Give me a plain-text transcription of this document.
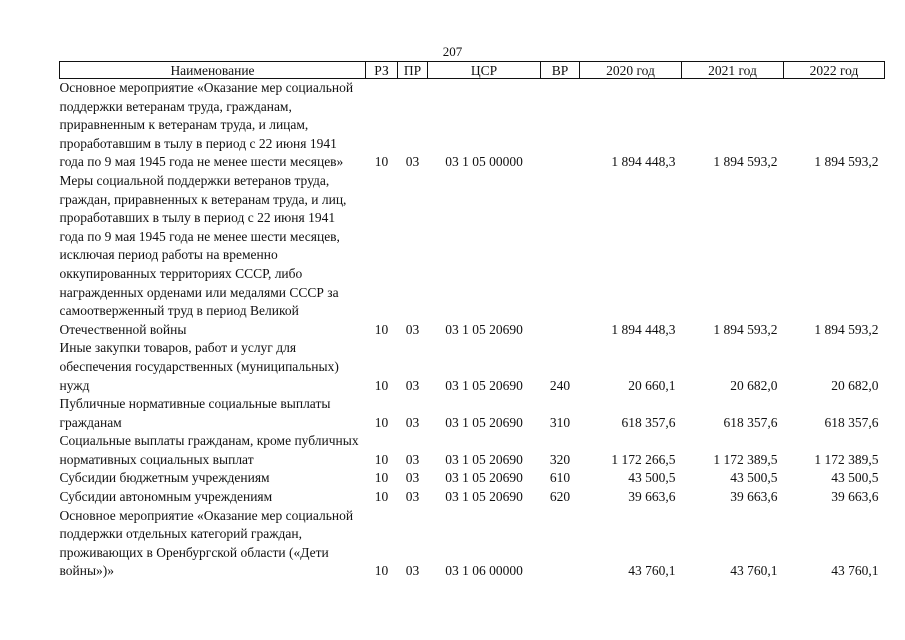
207
Наименование	РЗ	ПР	ЦСР	ВР	2020 год	2021 год	2022 год
Основное мероприятие «Оказание мер социальной поддержки ветеранам труда, гражданам, приравненным к ветеранам труда, и лицам, проработавшим в тылу в период с 22 июня 1941 года по 9 мая 1945 года не менее шести месяцев»	10	03	03 1 05 00000		1 894 448,3	1 894 593,2	1 894 593,2
Меры социальной поддержки ветеранов труда, граждан, приравненных к ветеранам труда, и лиц, проработавших в тылу в период с 22 июня 1941 года по 9 мая 1945 года не менее шести месяцев, исключая период работы на временно оккупированных территориях СССР, либо награжденных орденами или медалями СССР за самоотверженный труд в период Великой Отечественной войны	10	03	03 1 05 20690		1 894 448,3	1 894 593,2	1 894 593,2
Иные закупки товаров, работ и услуг для обеспечения государственных (муниципальных) нужд	10	03	03 1 05 20690	240	20 660,1	20 682,0	20 682,0
Публичные нормативные социальные выплаты гражданам	10	03	03 1 05 20690	310	618 357,6	618 357,6	618 357,6
Социальные выплаты гражданам, кроме публичных нормативных социальных выплат	10	03	03 1 05 20690	320	1 172 266,5	1 172 389,5	1 172 389,5
Субсидии бюджетным учреждениям	10	03	03 1 05 20690	610	43 500,5	43 500,5	43 500,5
Субсидии автономным учреждениям	10	03	03 1 05 20690	620	39 663,6	39 663,6	39 663,6
Основное мероприятие «Оказание мер социальной поддержки отдельных категорий граждан, проживающих в Оренбургской области («Дети войны»)»	10	03	03 1 06 00000		43 760,1	43 760,1	43 760,1
